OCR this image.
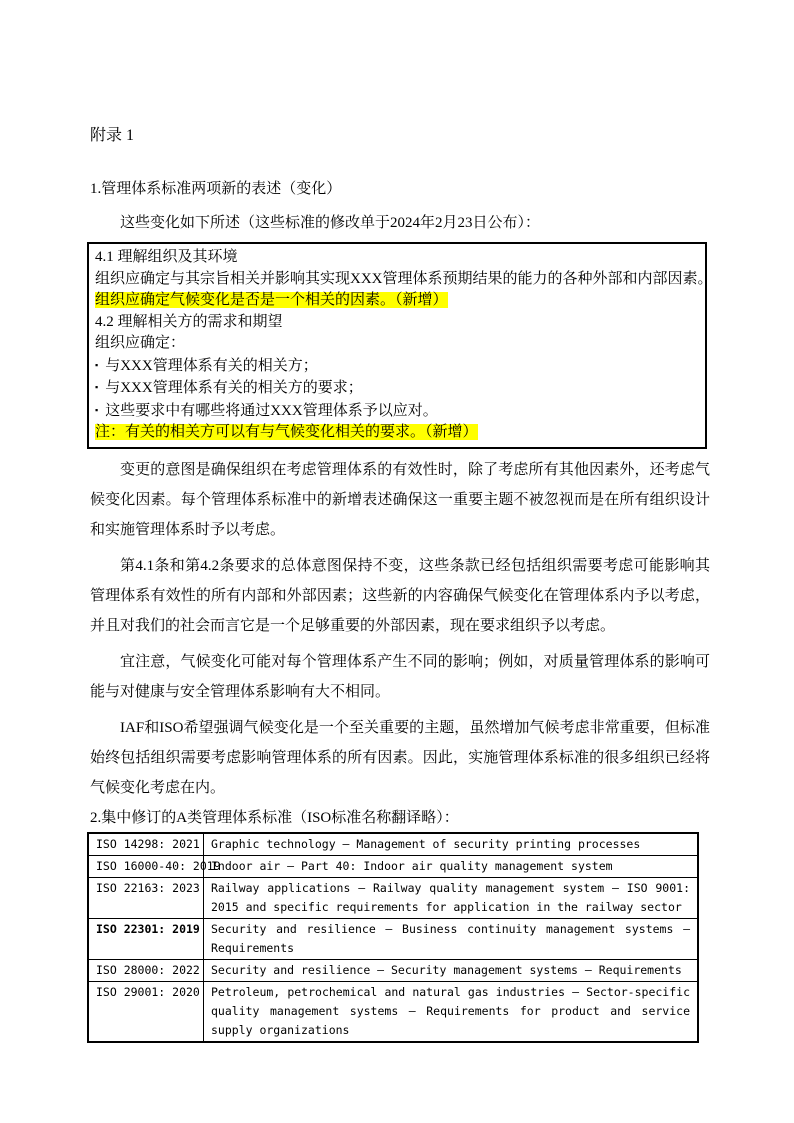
附录 1
1.管理体系标准两项新的表述（变化）
这些变化如下所述（这些标准的修改单于2024年2月23日公布）：
4.1 理解组织及其环境
组织应确定与其宗旨相关并影响其实现XXX管理体系预期结果的能力的各种外部和内部因素。
组织应确定气候变化是否是一个相关的因素。（新增）
4.2 理解相关方的需求和期望
组织应确定：
▪ 与XXX管理体系有关的相关方；
▪ 与XXX管理体系有关的相关方的要求；
▪ 这些要求中有哪些将通过XXX管理体系予以应对。
注：有关的相关方可以有与气候变化相关的要求。（新增）

变更的意图是确保组织在考虑管理体系的有效性时，除了考虑所有其他因素外，还考虑气候变化因素。每个管理体系标准中的新增表述确保这一重要主题不被忽视而是在所有组织设计和实施管理体系时予以考虑。

第4.1条和第4.2条要求的总体意图保持不变，这些条款已经包括组织需要考虑可能影响其管理体系有效性的所有内部和外部因素；这些新的内容确保气候变化在管理体系内予以考虑，并且对我们的社会而言它是一个足够重要的外部因素，现在要求组织予以考虑。

宜注意，气候变化可能对每个管理体系产生不同的影响；例如，对质量管理体系的影响可能与对健康与安全管理体系影响有大不相同。

IAF和ISO希望强调气候变化是一个至关重要的主题，虽然增加气候考虑非常重要，但标准始终包括组织需要考虑影响管理体系的所有因素。因此，实施管理体系标准的很多组织已经将气候变化考虑在内。

2.集中修订的A类管理体系标准（ISO标准名称翻译略）：
ISO 14298: 2021	Graphic technology — Management of security printing processes
ISO 16000-40: 2019	Indoor air — Part 40: Indoor air quality management system
ISO 22163: 2023	Railway applications — Railway quality management system — ISO 9001: 2015 and specific requirements for application in the railway sector
ISO 22301: 2019	Security and resilience — Business continuity management systems — Requirements
ISO 28000: 2022	Security and resilience — Security management systems — Requirements
ISO 29001: 2020	Petroleum, petrochemical and natural gas industries — Sector-specific quality management systems — Requirements for product and service supply organizations
